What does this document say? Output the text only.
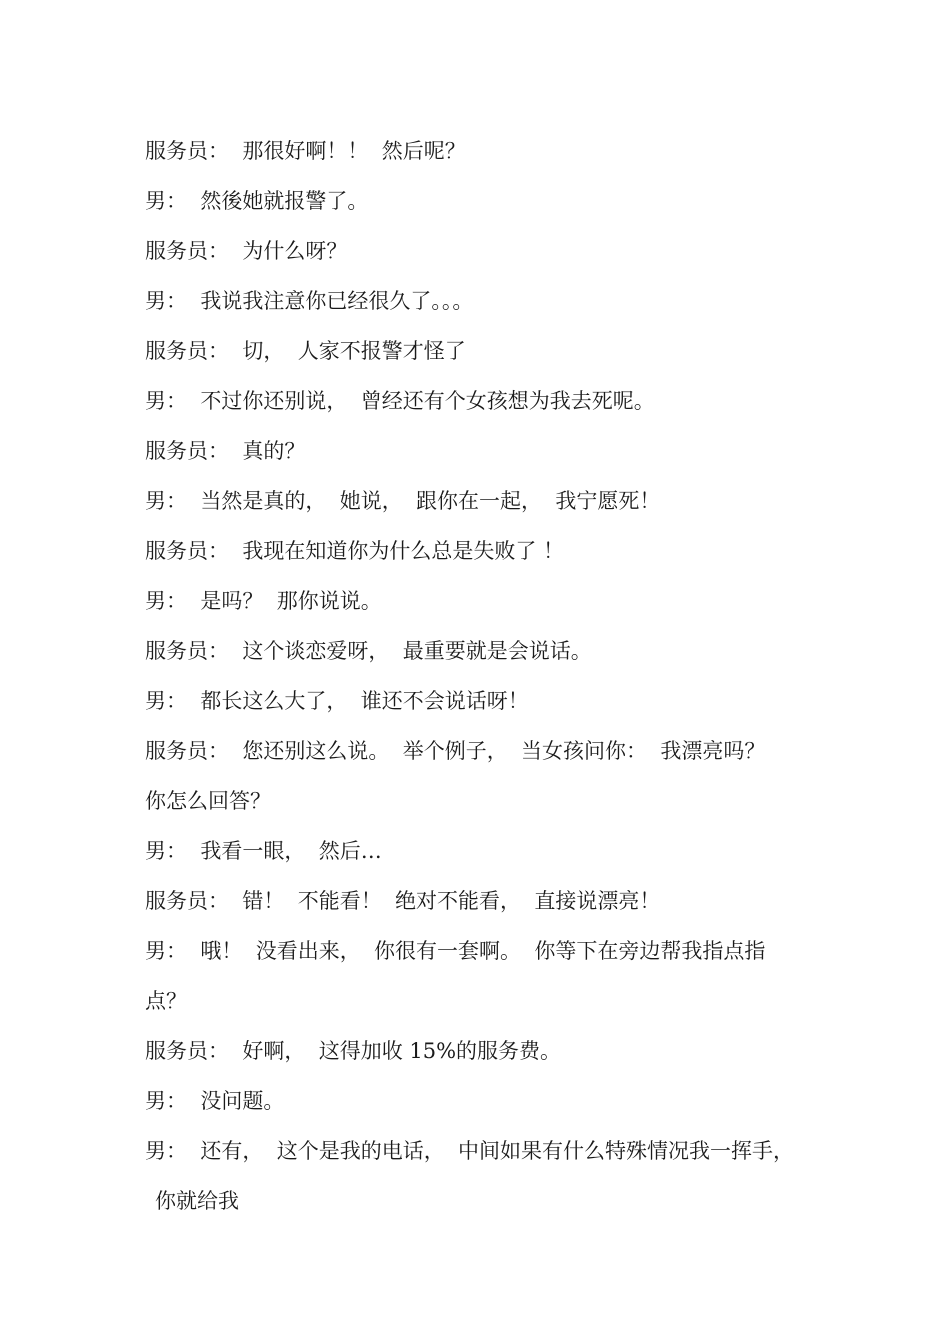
服务员：  那很好啊！！  然后呢？
男：  然後她就报警了。
服务员：  为什么呀？
男：  我说我注意你已经很久了。。。
服务员：  切，  人家不报警才怪了
男：  不过你还别说，  曾经还有个女孩想为我去死呢。
服务员：  真的？
男：  当然是真的，  她说，  跟你在一起，  我宁愿死！
服务员：  我现在知道你为什么总是失败了 ！
男：  是吗？  那你说说。
服务员：  这个谈恋爱呀，  最重要就是会说话。
男：  都长这么大了，  谁还不会说话呀！
服务员：  您还别这么说。  举个例子，  当女孩问你：  我漂亮吗？
你怎么回答？
男：  我看一眼，  然后…
服务员：  错！  不能看！  绝对不能看，  直接说漂亮！
男：  哦！  没看出来，  你很有一套啊。  你等下在旁边帮我指点指
点？
服务员：  好啊，  这得加收 15%的服务费。
男：  没问题。
男：  还有，  这个是我的电话，  中间如果有什么特殊情况我一挥手，
你就给我
